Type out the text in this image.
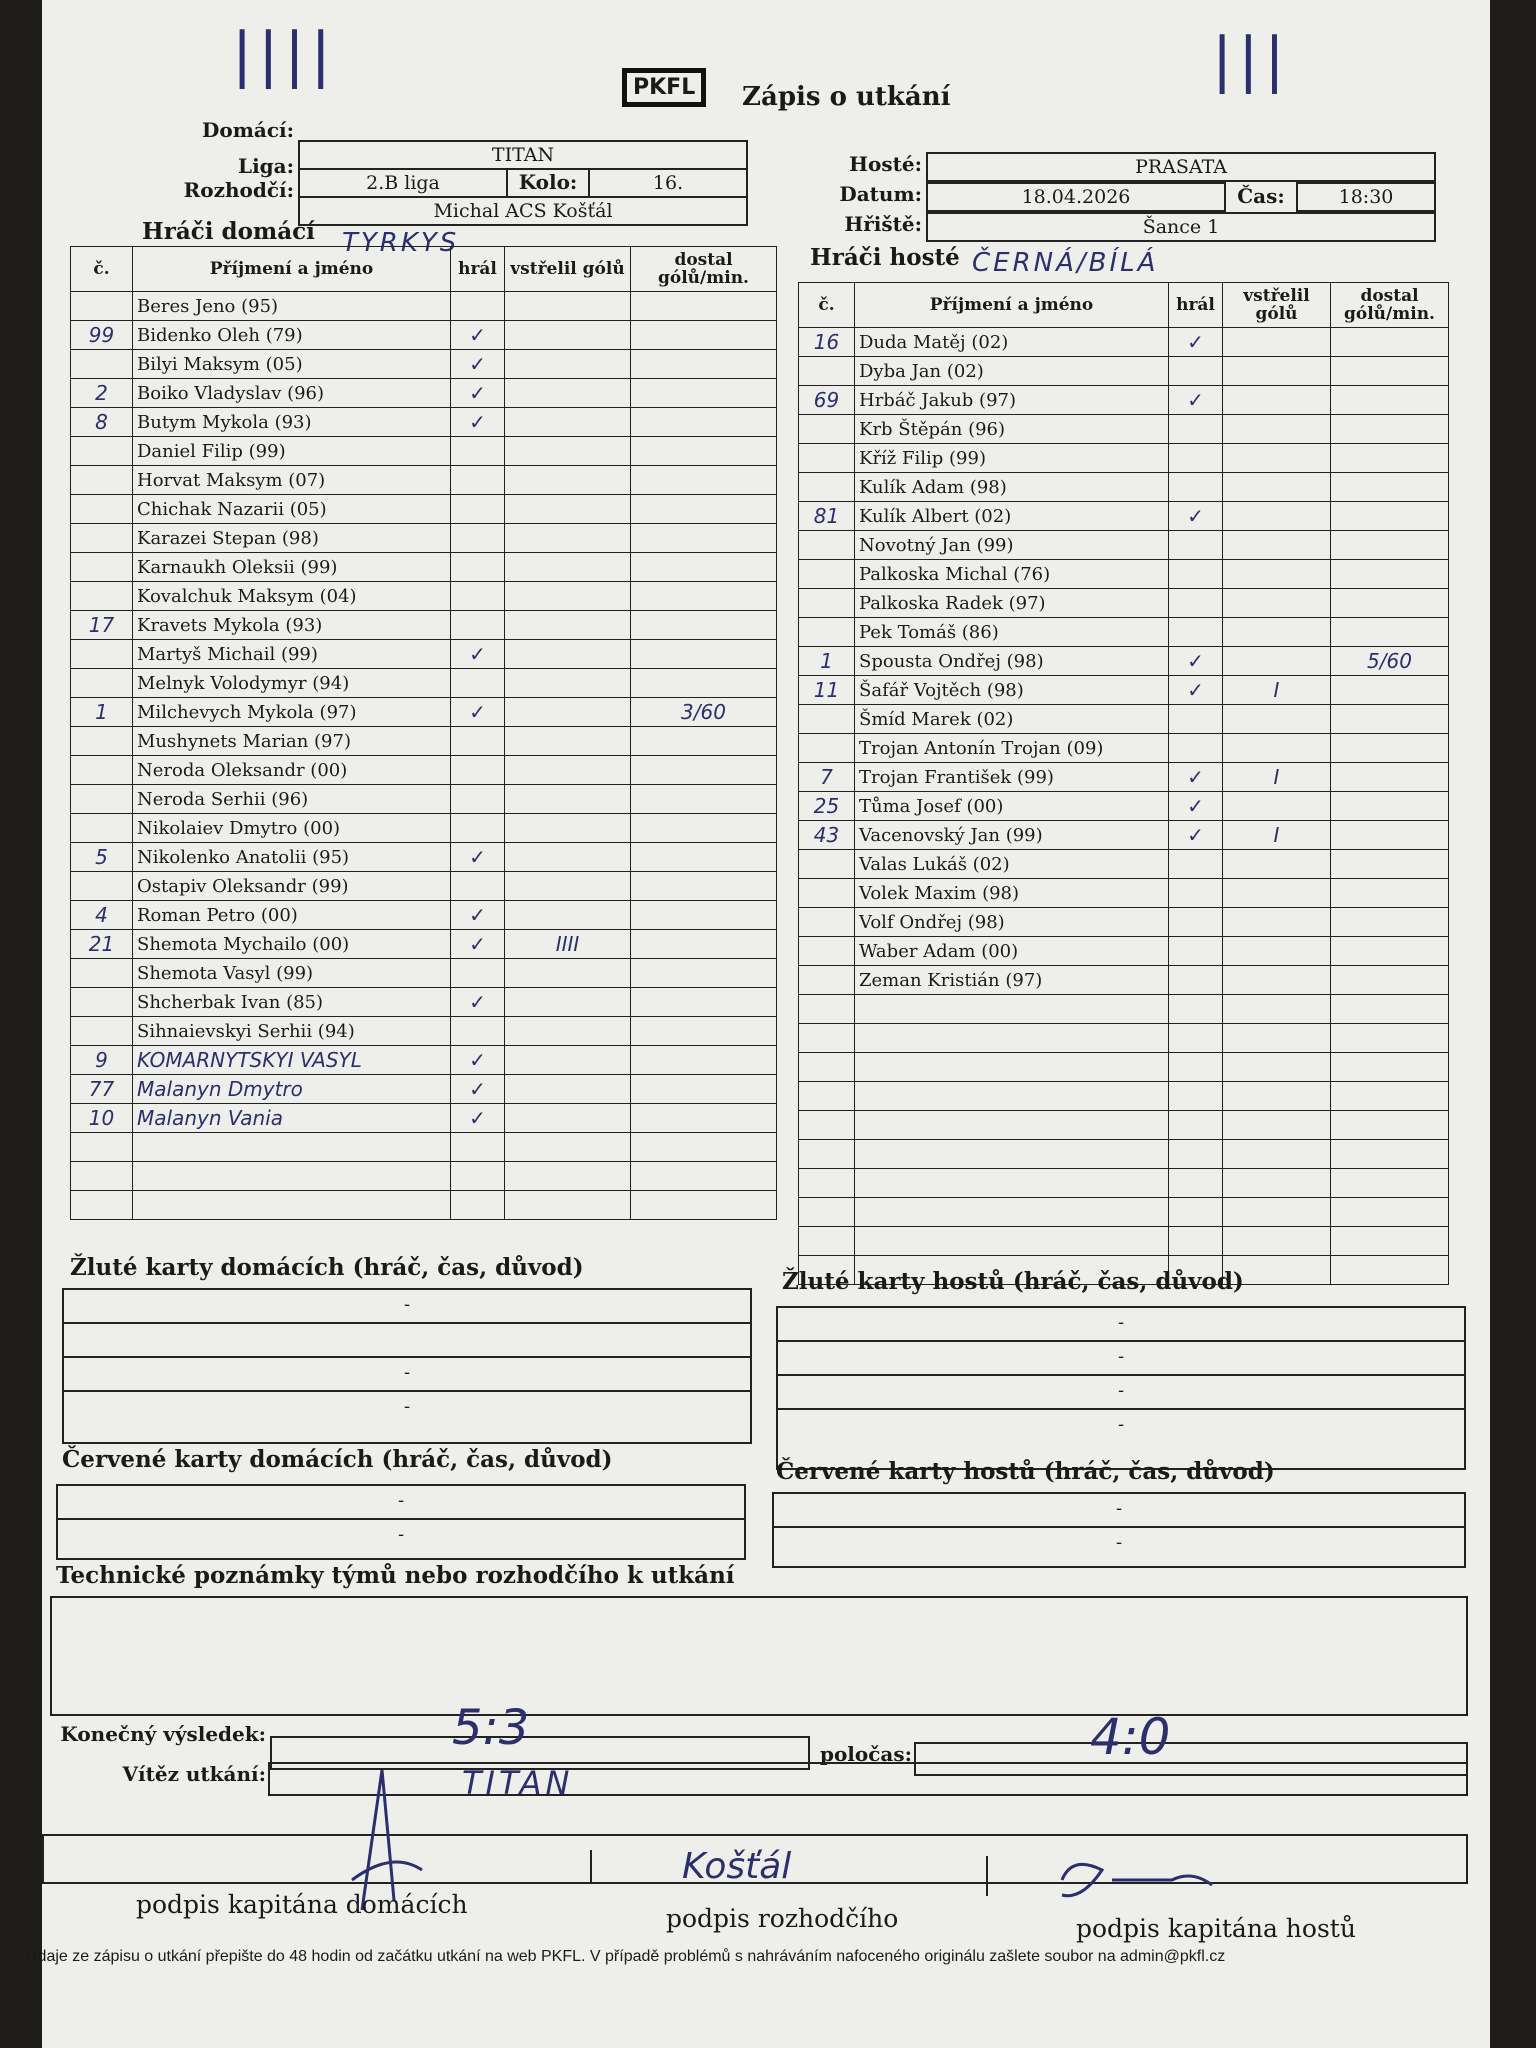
||||	|||
PKFL	Zápis o utkání
Domácí:
TITAN
Liga:
2.B liga	Kolo:	16.
Rozhodčí:
Michal ACS Košťál
Hosté:	PRASATA
Datum:	18.04.2026	Čas:	18:30
Hřiště:	Šance 1
Hráči domácí TYRKYS
č.	Příjmení a jméno	hrál	vstřelil gólů	dostal gólů/min.
	Beres Jeno (95)			
99	Bidenko Oleh (79)	✓		
	Bilyi Maksym (05)	✓		
2	Boiko Vladyslav (96)	✓		
8	Butym Mykola (93)	✓		
	Daniel Filip (99)			
	Horvat Maksym (07)			
	Chichak Nazarii (05)			
	Karazei Stepan (98)			
	Karnaukh Oleksii (99)			
	Kovalchuk Maksym (04)			
17	Kravets Mykola (93)			
	Martyš Michail (99)	✓		
	Melnyk Volodymyr (94)			
1	Milchevych Mykola (97)	✓		3/60
	Mushynets Marian (97)			
	Neroda Oleksandr (00)			
	Neroda Serhii (96)			
	Nikolaiev Dmytro (00)			
5	Nikolenko Anatolii (95)	✓		
	Ostapiv Oleksandr (99)			
4	Roman Petro (00)	✓		
21	Shemota Mychailo (00)	✓	IIII	
	Shemota Vasyl (99)			
	Shcherbak Ivan (85)	✓		
	Sihnaievskyi Serhii (94)			
9	KOMARNYTSKYI VASYL	✓		
77	Malanyn Dmytro	✓		
10	Malanyn Vania	✓		

Hráči hosté ČERNÁ/BÍLÁ
č.	Příjmení a jméno	hrál	vstřelil gólů	dostal gólů/min.
16	Duda Matěj (02)	✓		
	Dyba Jan (02)			
69	Hrbáč Jakub (97)	✓		
	Krb Štěpán (96)			
	Kříž Filip (99)			
	Kulík Adam (98)			
81	Kulík Albert (02)	✓		
	Novotný Jan (99)			
	Palkoska Michal (76)			
	Palkoska Radek (97)			
	Pek Tomáš (86)			
1	Spousta Ondřej (98)	✓		5/60
11	Šafář Vojtěch (98)	✓	I	
	Šmíd Marek (02)			
	Trojan Antonín Trojan (09)			
7	Trojan František (99)	✓	I	
25	Tůma Josef (00)	✓		
43	Vacenovský Jan (99)	✓	I	
	Valas Lukáš (02)			
	Volek Maxim (98)			
	Volf Ondřej (98)			
	Waber Adam (00)			
	Zeman Kristián (97)			

Žluté karty domácích (hráč, čas, důvod)
-
-
-
Žluté karty hostů (hráč, čas, důvod)
-
-
-
-
Červené karty domácích (hráč, čas, důvod)
-
-
Červené karty hostů (hráč, čas, důvod)
-
-
Technické poznámky týmů nebo rozhodčího k utkání
Konečný výsledek:	5:3	poločas:	4:0
Vítěz utkání:	TITAN
Košťál
podpis kapitána domácích	podpis rozhodčího	podpis kapitána hostů
Údaje ze zápisu o utkání přepište do 48 hodin od začátku utkání na web PKFL. V případě problémů s nahráváním nafoceného originálu zašlete soubor na admin@pkfl.cz
